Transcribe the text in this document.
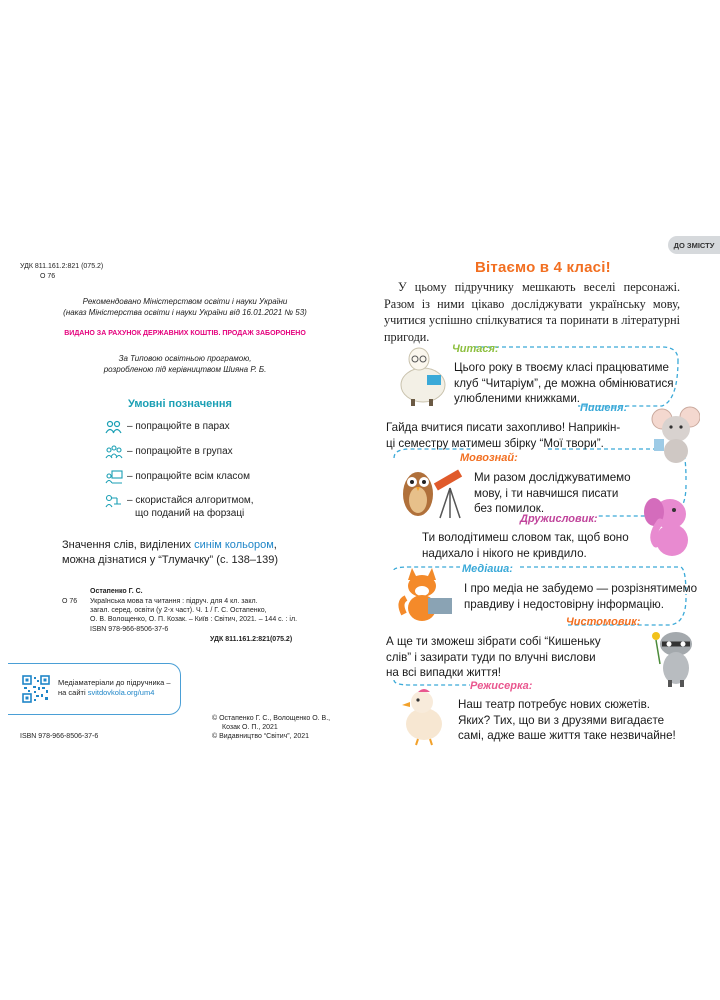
УДК 811.161.2:821 (075.2)
О 76
Рекомендовано Міністерством освіти і науки України
(наказ Міністерства освіти і науки України від 16.01.2021 № 53)
ВИДАНО ЗА РАХУНОК ДЕРЖАВНИХ КОШТІВ. ПРОДАЖ ЗАБОРОНЕНО
За Типовою освітньою програмою,
розробленою під керівництвом Шияна Р. Б.
Умовні позначення
– попрацюйте в парах
– попрацюйте в групах
– попрацюйте всім класом
– скористайся алгоритмом,
що поданий на форзаці
Значення слів, виділених синім кольором,
можна дізнатися у “Тлумачку” (с. 138–139)
Остапенко Г. С.
О 76 Українська мова та читання : підруч. для 4 кл. закл.
загал. серед. освіти (у 2-х част). Ч. 1 / Г. С. Остапенко,
О. В. Волощенко, О. П. Козак. – Київ : Світич, 2021. – 144 с. : іл.
ISBN 978-966-8506-37-6
УДК 811.161.2:821(075.2)
Медіаматеріали до підручника –
на сайті svitdovkola.org/um4
ISBN 978-966-8506-37-6
© Остапенко Г. С., Волощенко О. В.,
Козак О. П., 2021
© Видавництво “Світич”, 2021
ДО ЗМІСТУ
Вітаємо в 4 класі!
У цьому підручнику мешкають веселі персонажі. Разом із ними цікаво досліджувати українську мову, учитися успішно спілкуватися та поринати в літературні пригоди.
Читася:
Цього року в твоєму класі працюватиме
клуб “Читаріум”, де можна обмінюватися
улюбленими книжками.
Пишеня:
Гайда вчитися писати захопливо! Наприкін-
ці семестру матимеш збірку “Мої твори”.
Мовознай:
Ми разом досліджуватимемо
мову, і ти навчишся писати
без помилок.
Дружисловик:
Ти володітимеш словом так, щоб воно
надихало і нікого не кривдило.
Медіаша:
І про медіа не забудемо — розрізнятимемо
правдиву і недостовірну інформацію.
Чистомовик:
А ще ти зможеш зібрати собі “Кишеньку
слів” і зазирати туди по влучні вислови
на всі випадки життя!
Режисерка:
Наш театр потребує нових сюжетів.
Яких? Тих, що ви з друзями вигадаєте
самі, адже ваше життя таке незвичайне!
